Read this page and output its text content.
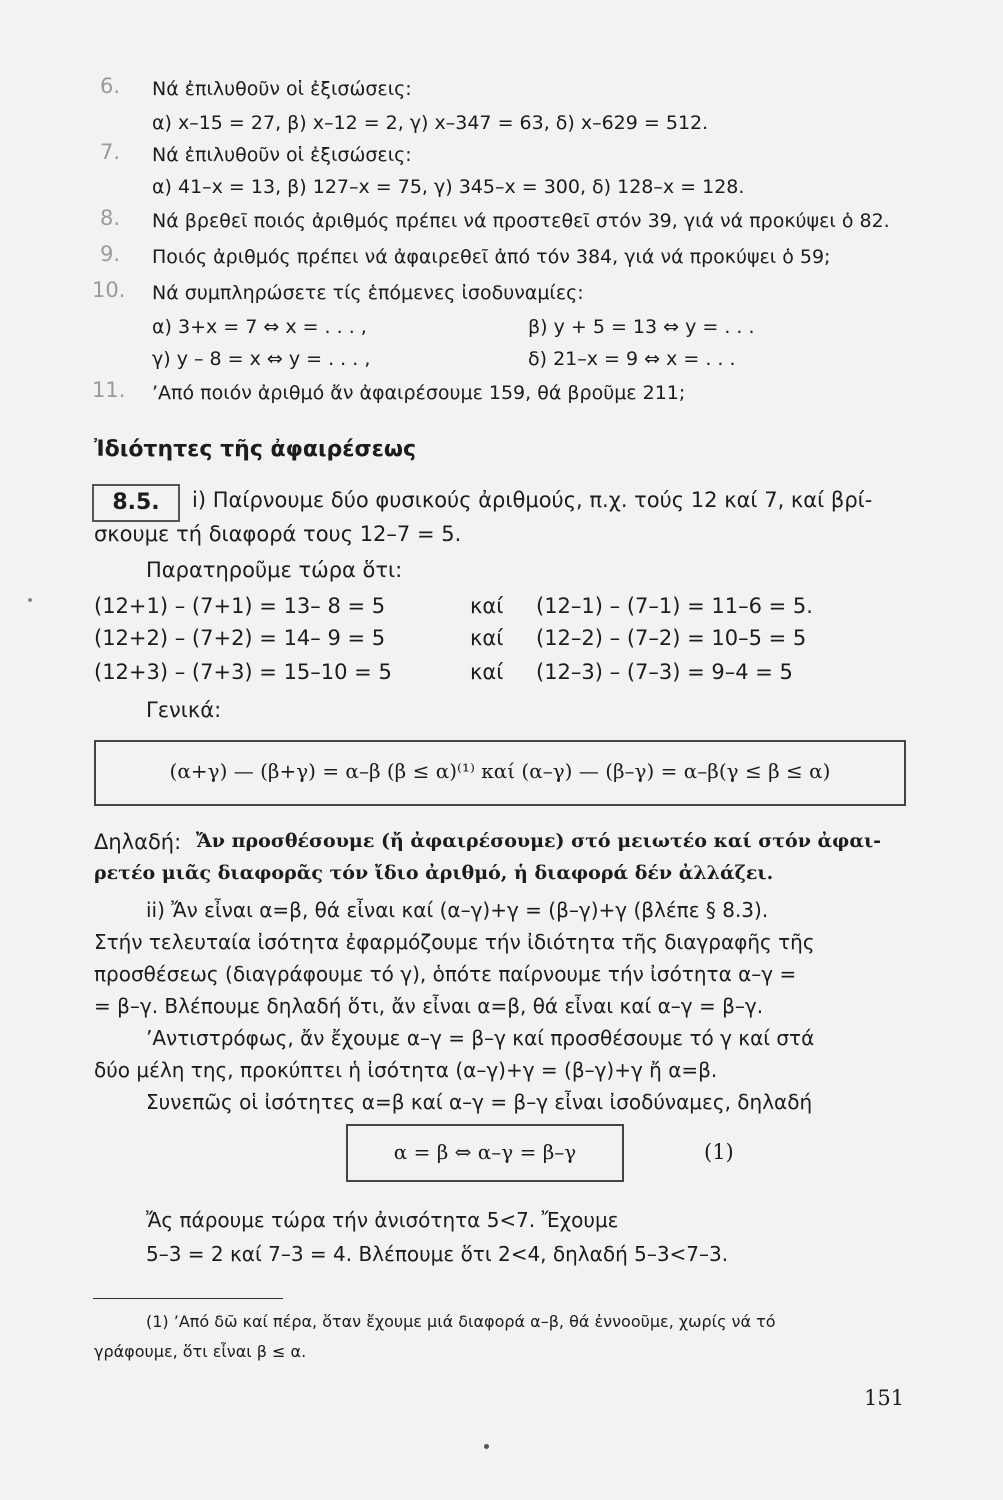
6. Νά ἐπιλυθοῦν οἱ ἐξισώσεις:
α) x–15 = 27, β) x–12 = 2, γ) x–347 = 63, δ) x–629 = 512.
7. Νά ἐπιλυθοῦν οἱ ἐξισώσεις:
α) 41–x = 13, β) 127–x = 75, γ) 345–x = 300, δ) 128–x = 128.
8. Νά βρεθεῖ ποιός ἀριθμός πρέπει νά προστεθεῖ στόν 39, γιά νά προκύψει ὁ 82.
9. Ποιός ἀριθμός πρέπει νά ἀφαιρεθεῖ ἀπό τόν 384, γιά νά προκύψει ὁ 59;
10. Νά συμπληρώσετε τίς ἑπόμενες ἰσοδυναμίες:
α) 3+x = 7 ⇔ x = . . . ,	β) y + 5 = 13 ⇔ y = . . .
γ) y – 8 = x ⇔ y = . . . ,	δ) 21–x = 9 ⇔ x = . . .
11. ’Από ποιόν ἀριθμό ἄν ἀφαιρέσουμε 159, θά βροῦμε 211;
Ἰδιότητες τῆς ἀφαιρέσεως
8.5.	i) Παίρνουμε δύο φυσικούς ἀριθμούς, π.χ. τούς 12 καί 7, καί βρί-
σκουμε τή διαφορά τους 12–7 = 5.
Παρατηροῦμε τώρα ὅτι:
(12+1) – (7+1) = 13– 8 = 5	καί (12–1) – (7–1) = 11–6 = 5.
(12+2) – (7+2) = 14– 9 = 5	καί (12–2) – (7–2) = 10–5 = 5
(12+3) – (7+3) = 15–10 = 5	καί (12–3) – (7–3) = 9–4 = 5
Γενικά:
(α+γ) — (β+γ) = α–β (β ≤ α)⁽¹⁾ καί (α–γ) — (β–γ) = α–β(γ ≤ β ≤ α)
Δηλαδή: Ἄν προσθέσουμε (ἤ ἀφαιρέσουμε) στό μειωτέο καί στόν ἀφαι-
ρετέο μιᾶς διαφορᾶς τόν ἴδιο ἀριθμό, ἡ διαφορά δέν ἀλλάζει.
ii) Ἄν εἶναι α=β, θά εἶναι καί (α–γ)+γ = (β–γ)+γ (βλέπε § 8.3).
Στήν τελευταία ἰσότητα ἐφαρμόζουμε τήν ἰδιότητα τῆς διαγραφῆς τῆς
προσθέσεως (διαγράφουμε τό γ), ὁπότε παίρνουμε τήν ἰσότητα α–γ =
= β–γ. Βλέπουμε δηλαδή ὅτι, ἄν εἶναι α=β, θά εἶναι καί α–γ = β–γ.
’Αντιστρόφως, ἄν ἔχουμε α–γ = β–γ καί προσθέσουμε τό γ καί στά
δύο μέλη της, προκύπτει ἡ ἰσότητα (α–γ)+γ = (β–γ)+γ ἤ α=β.
Συνεπῶς οἱ ἰσότητες α=β καί α–γ = β–γ εἶναι ἰσοδύναμες, δηλαδή
α = β ⇔ α–γ = β–γ	(1)
Ἄς πάρουμε τώρα τήν ἀνισότητα 5<7. Ἔχουμε
5–3 = 2 καί 7–3 = 4. Βλέπουμε ὅτι 2<4, δηλαδή 5–3<7–3.
(1) ’Από δῶ καί πέρα, ὅταν ἔχουμε μιά διαφορά α–β, θά ἐννοοῦμε, χωρίς νά τό
γράφουμε, ὅτι εἶναι β ≤ α.
151
